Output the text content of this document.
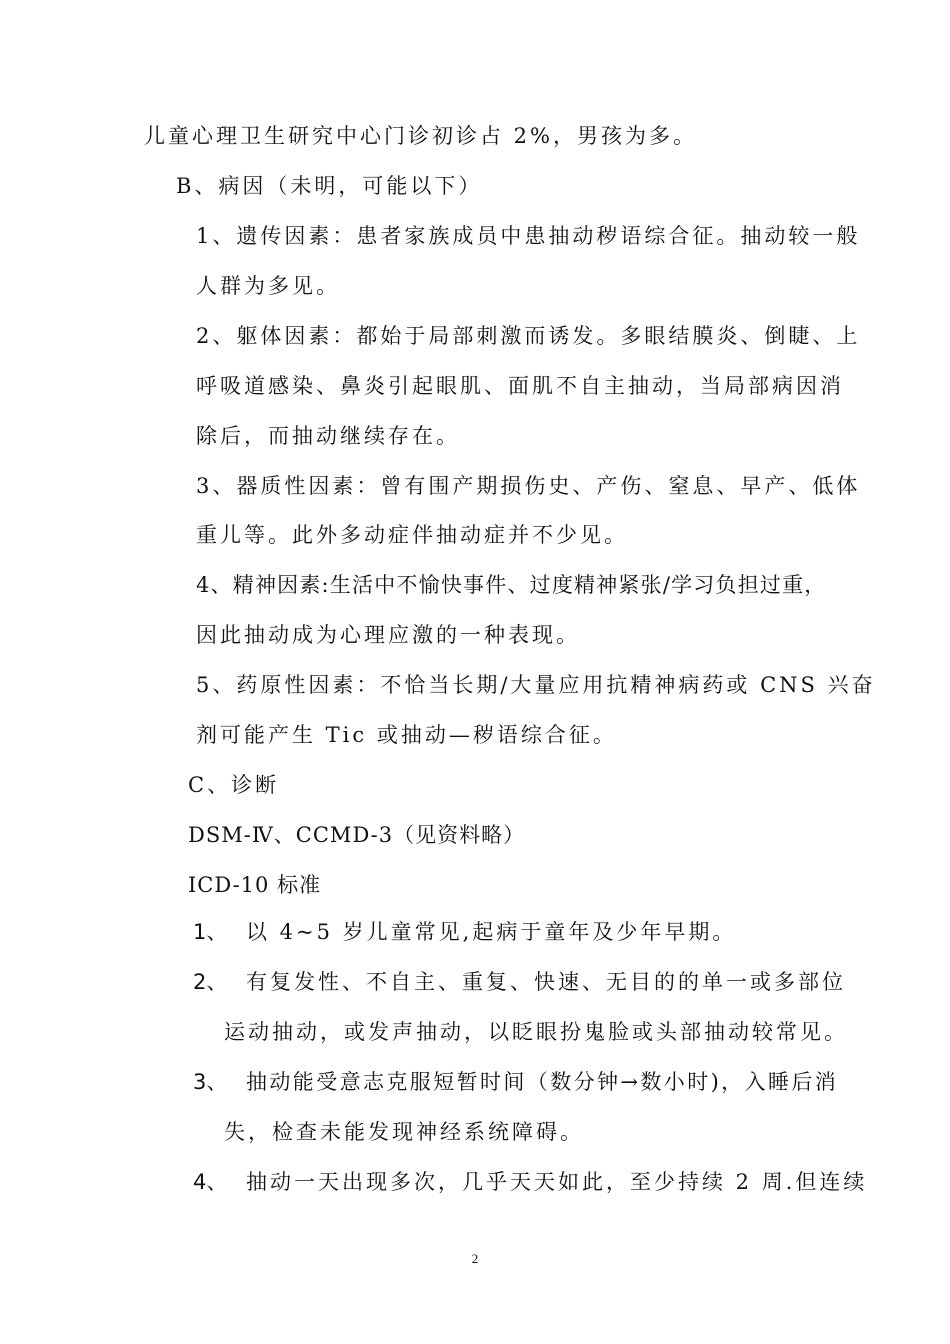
儿童心理卫生研究中心门诊初诊占 2%，男孩为多。

B、病因（未明，可能以下）

1、遗传因素：患者家族成员中患抽动秽语综合征。抽动较一般

人群为多见。

2、躯体因素：都始于局部刺激而诱发。多眼结膜炎、倒睫、上

呼吸道感染、鼻炎引起眼肌、面肌不自主抽动，当局部病因消

除后，而抽动继续存在。

3、器质性因素：曾有围产期损伤史、产伤、窒息、早产、低体

重儿等。此外多动症伴抽动症并不少见。

4、精神因素:生活中不愉快事件、过度精神紧张/学习负担过重，

因此抽动成为心理应激的一种表现。

5、药原性因素：不恰当长期/大量应用抗精神病药或 CNS 兴奋

剂可能产生 Tic 或抽动—秽语综合征。

C、诊断

DSM-Ⅳ、CCMD-3（见资料略）

ICD-10 标准

1、 以 4~5 岁儿童常见,起病于童年及少年早期。

2、 有复发性、不自主、重复、快速、无目的的单一或多部位

运动抽动，或发声抽动，以眨眼扮鬼脸或头部抽动较常见。

3、 抽动能受意志克服短暂时间（数分钟→数小时)，入睡后消

失，检查未能发现神经系统障碍。

4、 抽动一天出现多次，几乎天天如此，至少持续 2 周.但连续

2
